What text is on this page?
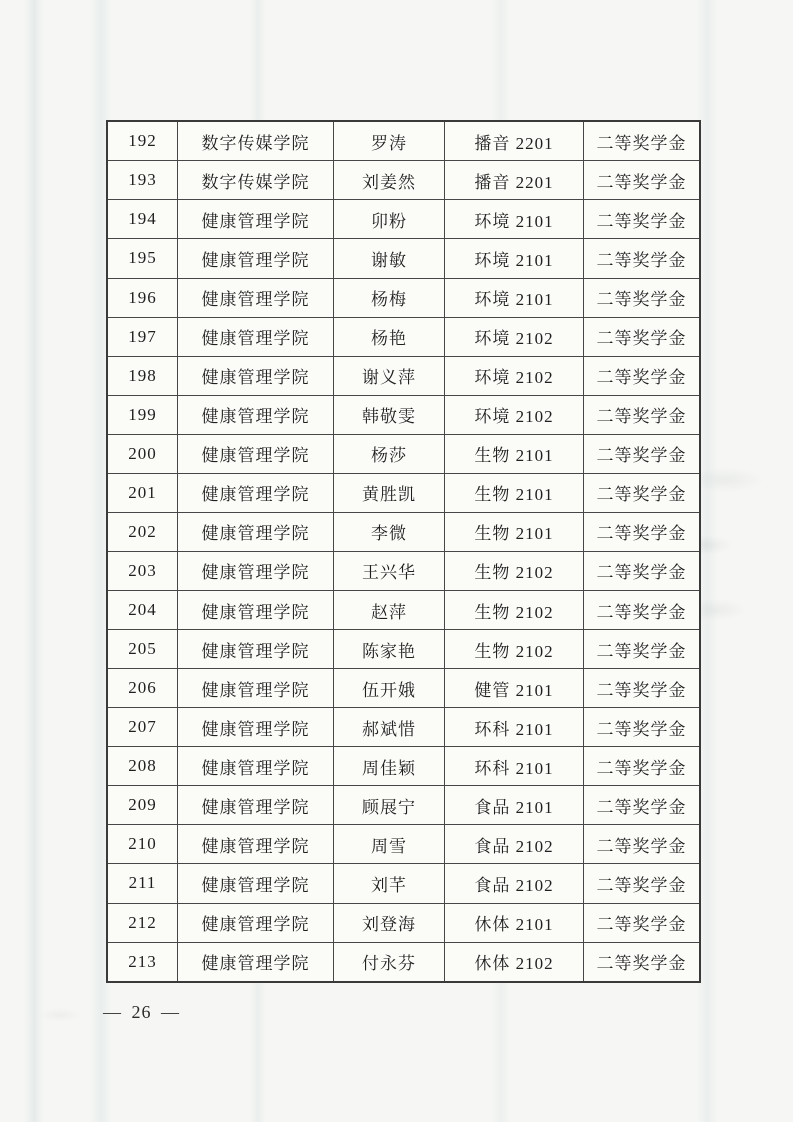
192	数字传媒学院	罗涛	播音 2201	二等奖学金
193	数字传媒学院	刘姜然	播音 2201	二等奖学金
194	健康管理学院	卯粉	环境 2101	二等奖学金
195	健康管理学院	谢敏	环境 2101	二等奖学金
196	健康管理学院	杨梅	环境 2101	二等奖学金
197	健康管理学院	杨艳	环境 2102	二等奖学金
198	健康管理学院	谢义萍	环境 2102	二等奖学金
199	健康管理学院	韩敬雯	环境 2102	二等奖学金
200	健康管理学院	杨莎	生物 2101	二等奖学金
201	健康管理学院	黄胜凯	生物 2101	二等奖学金
202	健康管理学院	李微	生物 2101	二等奖学金
203	健康管理学院	王兴华	生物 2102	二等奖学金
204	健康管理学院	赵萍	生物 2102	二等奖学金
205	健康管理学院	陈家艳	生物 2102	二等奖学金
206	健康管理学院	伍开娥	健管 2101	二等奖学金
207	健康管理学院	郝斌惜	环科 2101	二等奖学金
208	健康管理学院	周佳颖	环科 2101	二等奖学金
209	健康管理学院	顾展宁	食品 2101	二等奖学金
210	健康管理学院	周雪	食品 2102	二等奖学金
211	健康管理学院	刘芊	食品 2102	二等奖学金
212	健康管理学院	刘登海	休体 2101	二等奖学金
213	健康管理学院	付永芬	休体 2102	二等奖学金
— 26 —
